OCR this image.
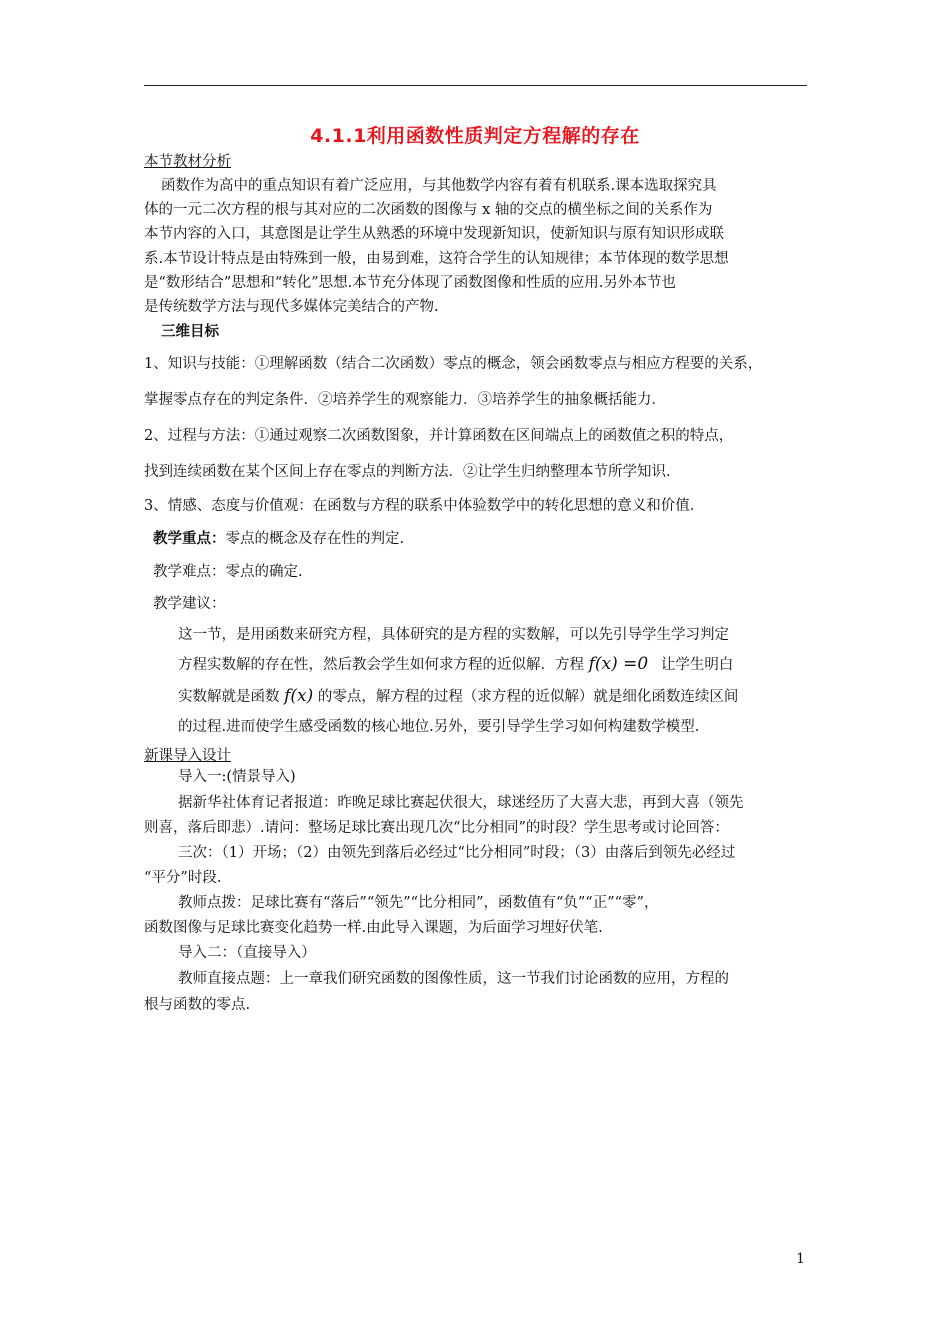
4.1.1利用函数性质判定方程解的存在
本节教材分析
函数作为高中的重点知识有着广泛应用，与其他数学内容有着有机联系.课本选取探究具
体的一元二次方程的根与其对应的二次函数的图像与 x 轴的交点的横坐标之间的关系作为
本节内容的入口，其意图是让学生从熟悉的环境中发现新知识，使新知识与原有知识形成联
系.本节设计特点是由特殊到一般，由易到难，这符合学生的认知规律；本节体现的数学思想
是“数形结合”思想和“转化”思想.本节充分体现了函数图像和性质的应用.另外本节也
是传统数学方法与现代多媒体完美结合的产物.
三维目标
1、知识与技能：①理解函数（结合二次函数）零点的概念，领会函数零点与相应方程要的关系，
掌握零点存在的判定条件．②培养学生的观察能力．③培养学生的抽象概括能力．
2、过程与方法：①通过观察二次函数图象，并计算函数在区间端点上的函数值之积的特点，
找到连续函数在某个区间上存在零点的判断方法．②让学生归纳整理本节所学知识．
3、情感、态度与价值观：在函数与方程的联系中体验数学中的转化思想的意义和价值．
教学重点：零点的概念及存在性的判定.
教学难点：零点的确定.
教学建议：
这一节，是用函数来研究方程，具体研究的是方程的实数解，可以先引导学生学习判定
方程实数解的存在性，然后教会学生如何求方程的近似解．方程 f(x) =0 让学生明白
实数解就是函数 f(x) 的零点，解方程的过程（求方程的近似解）就是细化函数连续区间
的过程.进而使学生感受函数的核心地位.另外，要引导学生学习如何构建数学模型.
新课导入设计
导入一:(情景导入)
据新华社体育记者报道：昨晚足球比赛起伏很大，球迷经历了大喜大悲，再到大喜（领先
则喜，落后即悲）.请问：整场足球比赛出现几次“比分相同”的时段？学生思考或讨论回答：
三次：（1）开场；（2）由领先到落后必经过“比分相同”时段；（3）由落后到领先必经过
“平分”时段.
教师点拨：足球比赛有“落后”“领先”“比分相同”，函数值有“负”“正”“零”，
函数图像与足球比赛变化趋势一样.由此导入课题，为后面学习埋好伏笔.
导入二：（直接导入）
教师直接点题：上一章我们研究函数的图像性质，这一节我们讨论函数的应用，方程的
根与函数的零点.
1
